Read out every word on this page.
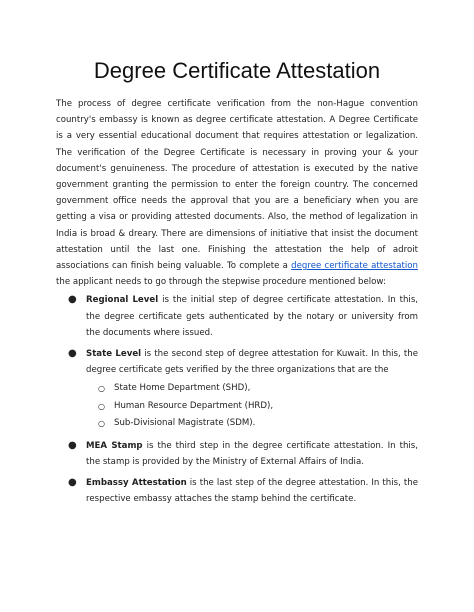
Degree Certificate Attestation

The process of degree certificate verification from the non-Hague convention country's embassy is known as degree certificate attestation. A Degree Certificate is a very essential educational document that requires attestation or legalization. The verification of the Degree Certificate is necessary in proving your & your document's genuineness. The procedure of attestation is executed by the native government granting the permission to enter the foreign country. The concerned government office needs the approval that you are a beneficiary when you are getting a visa or providing attested documents. Also, the method of legalization in India is broad & dreary. There are dimensions of initiative that insist the document attestation until the last one. Finishing the attestation the help of adroit associations can finish being valuable. To complete a degree certificate attestation the applicant needs to go through the stepwise procedure mentioned below:

● Regional Level is the initial step of degree certificate attestation. In this, the degree certificate gets authenticated by the notary or university from the documents where issued.
● State Level is the second step of degree attestation for Kuwait. In this, the degree certificate gets verified by the three organizations that are the
○ State Home Department (SHD),
○ Human Resource Department (HRD),
○ Sub-Divisional Magistrate (SDM).
● MEA Stamp is the third step in the degree certificate attestation. In this, the stamp is provided by the Ministry of External Affairs of India.
● Embassy Attestation is the last step of the degree attestation. In this, the respective embassy attaches the stamp behind the certificate.
